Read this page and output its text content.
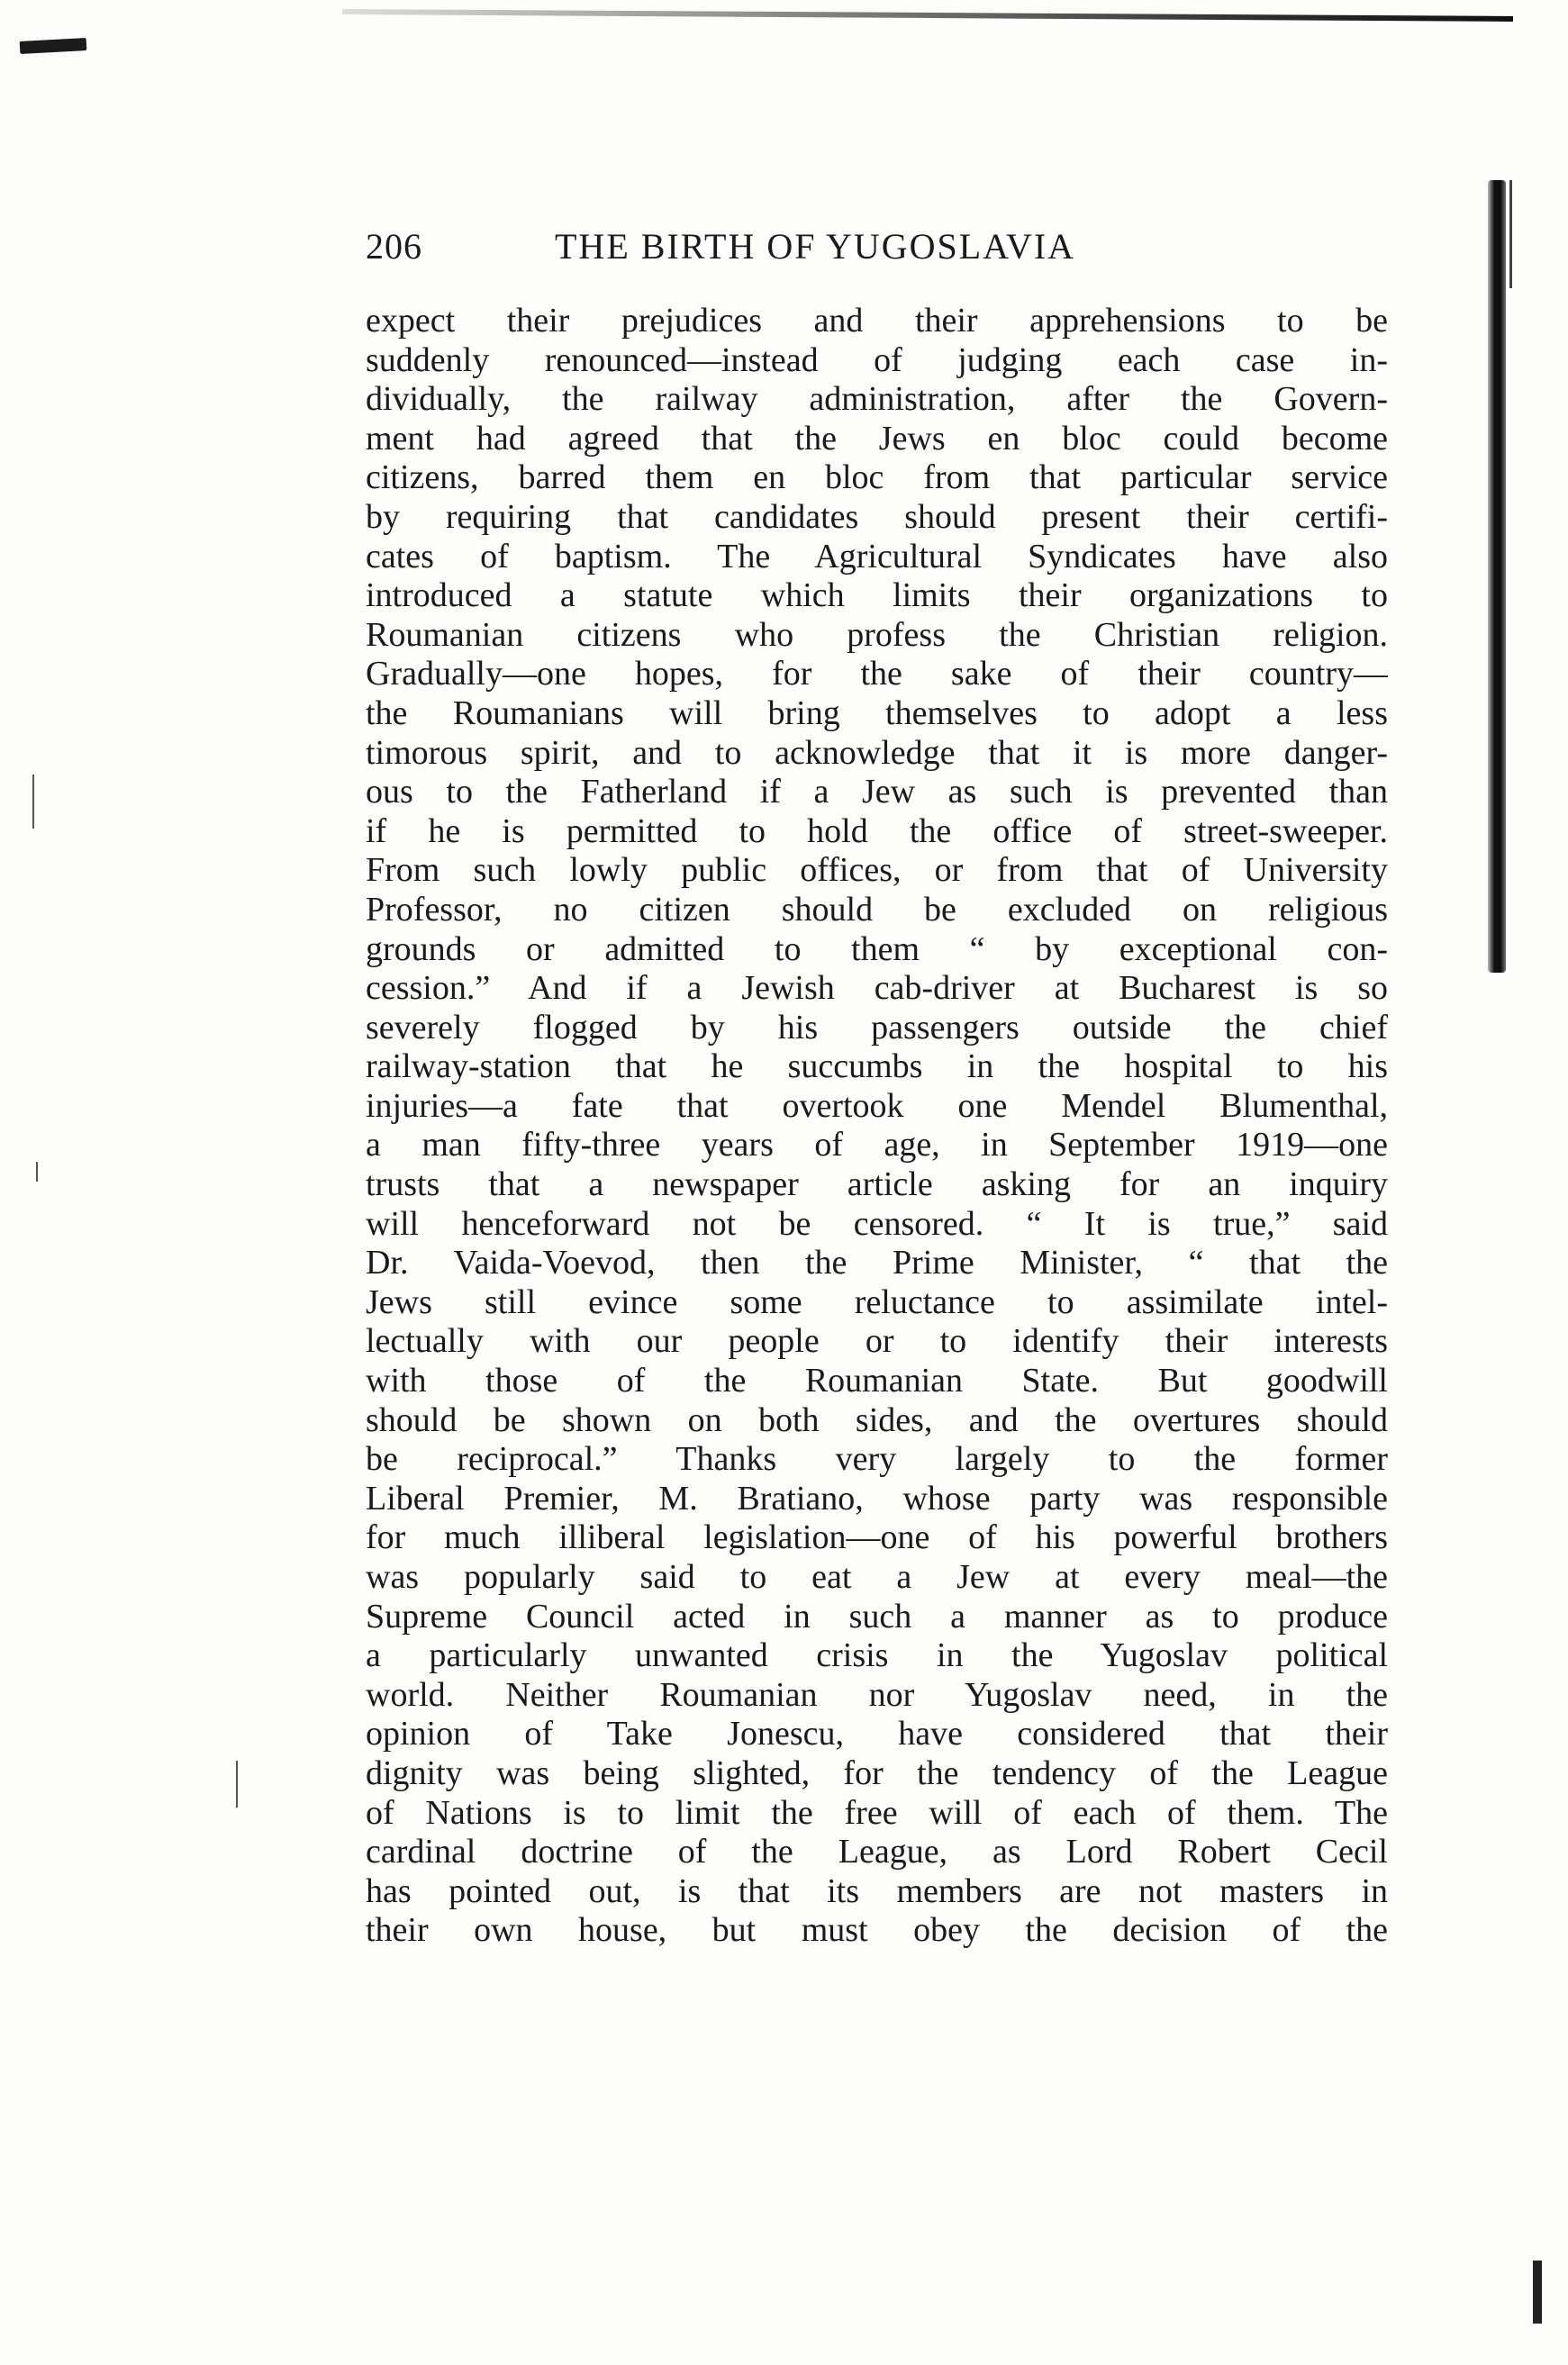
206	THE BIRTH OF YUGOSLAVIA
expect their prejudices and their apprehensions to be
suddenly renounced—instead of judging each case in-
dividually, the railway administration, after the Govern-
ment had agreed that the Jews en bloc could become
citizens, barred them en bloc from that particular service
by requiring that candidates should present their certifi-
cates of baptism. The Agricultural Syndicates have also
introduced a statute which limits their organizations to
Roumanian citizens who profess the Christian religion.
Gradually—one hopes, for the sake of their country—
the Roumanians will bring themselves to adopt a less
timorous spirit, and to acknowledge that it is more danger-
ous to the Fatherland if a Jew as such is prevented than
if he is permitted to hold the office of street-sweeper.
From such lowly public offices, or from that of University
Professor, no citizen should be excluded on religious
grounds or admitted to them “ by exceptional con-
cession.” And if a Jewish cab-driver at Bucharest is so
severely flogged by his passengers outside the chief
railway-station that he succumbs in the hospital to his
injuries—a fate that overtook one Mendel Blumenthal,
a man fifty-three years of age, in September 1919—one
trusts that a newspaper article asking for an inquiry
will henceforward not be censored. “ It is true,” said
Dr. Vaida-Voevod, then the Prime Minister, “ that the
Jews still evince some reluctance to assimilate intel-
lectually with our people or to identify their interests
with those of the Roumanian State. But goodwill
should be shown on both sides, and the overtures should
be reciprocal.” Thanks very largely to the former
Liberal Premier, M. Bratiano, whose party was responsible
for much illiberal legislation—one of his powerful brothers
was popularly said to eat a Jew at every meal—the
Supreme Council acted in such a manner as to produce
a particularly unwanted crisis in the Yugoslav political
world. Neither Roumanian nor Yugoslav need, in the
opinion of Take Jonescu, have considered that their
dignity was being slighted, for the tendency of the League
of Nations is to limit the free will of each of them. The
cardinal doctrine of the League, as Lord Robert Cecil
has pointed out, is that its members are not masters in
their own house, but must obey the decision of the
